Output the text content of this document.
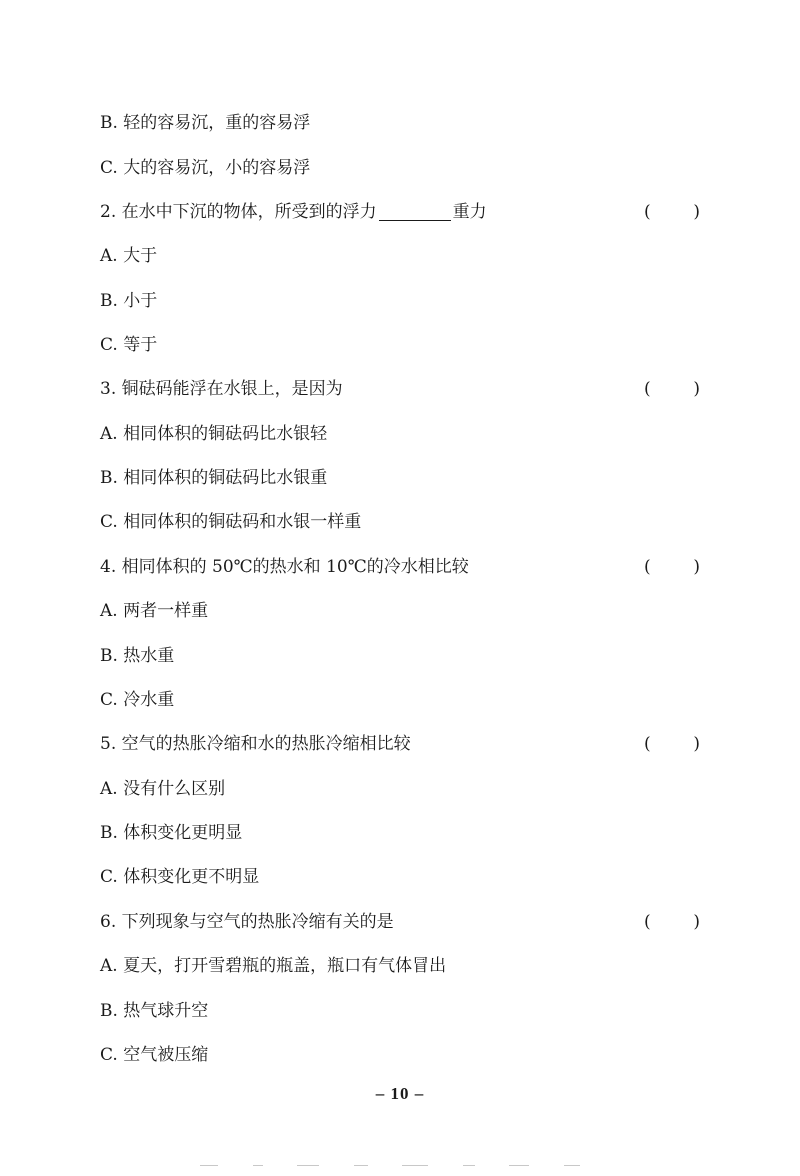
B. 轻的容易沉，重的容易浮
C. 大的容易沉，小的容易浮
2. 在水中下沉的物体，所受到的浮力	重力	(	)
A. 大于
B. 小于
C. 等于
3. 铜砝码能浮在水银上，是因为	(	)
A. 相同体积的铜砝码比水银轻
B. 相同体积的铜砝码比水银重
C. 相同体积的铜砝码和水银一样重
4. 相同体积的 50℃的热水和 10℃的冷水相比较	(	)
A. 两者一样重
B. 热水重
C. 冷水重
5. 空气的热胀冷缩和水的热胀冷缩相比较	(	)
A. 没有什么区别
B. 体积变化更明显
C. 体积变化更不明显
6. 下列现象与空气的热胀冷缩有关的是	(	)
A. 夏天，打开雪碧瓶的瓶盖，瓶口有气体冒出
B. 热气球升空
C. 空气被压缩
– 10 –
